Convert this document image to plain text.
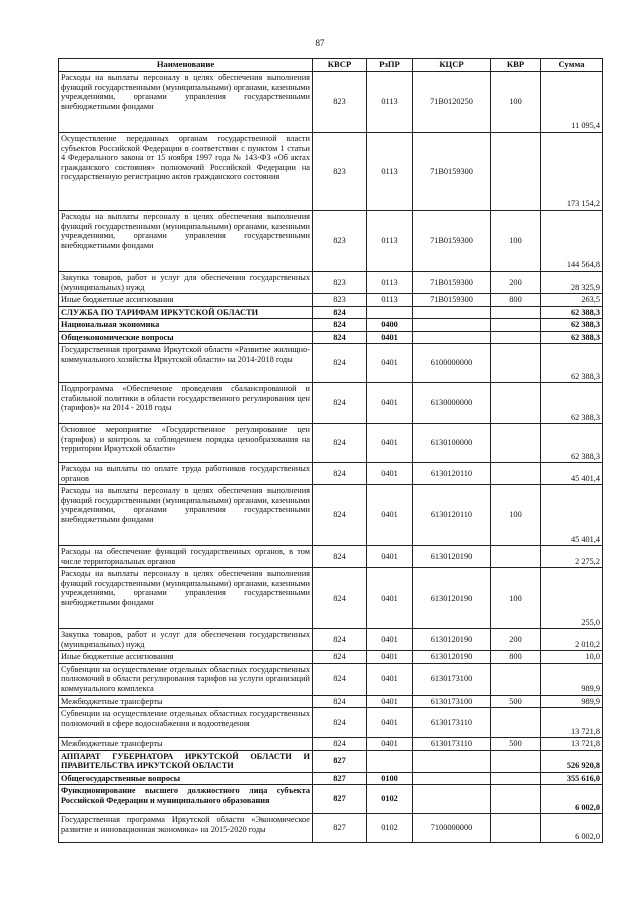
87
Наименование	КВСР	РзПР	КЦСР	КВР	Сумма
Расходы на выплаты персоналу в целях обеспечения выполнения функций государственными (муниципальными) органами, казенными учреждениями, органами управления государственными внебюджетными фондами	823	0113	71В0120250	100	11 095,4
Осуществление переданных органам государственной власти субъектов Российской Федерации в соответствии с пунктом 1 статьи 4 Федерального закона от 15 ноября 1997 года № 143-ФЗ «Об актах гражданского состояния» полномочий Российской Федерации на государственную регистрацию актов гражданского состояния	823	0113	71В0159300		173 154,2
Расходы на выплаты персоналу в целях обеспечения выполнения функций государственными (муниципальными) органами, казенными учреждениями, органами управления государственными внебюджетными фондами	823	0113	71В0159300	100	144 564,8
Закупка товаров, работ и услуг для обеспечения государственных (муниципальных) нужд	823	0113	71В0159300	200	28 325,9
Иные бюджетные ассигнования	823	0113	71В0159300	800	263,5
СЛУЖБА ПО ТАРИФАМ ИРКУТСКОЙ ОБЛАСТИ	824				62 388,3
Национальная экономика	824	0400			62 388,3
Общеэкономические вопросы	824	0401			62 388,3
Государственная программа Иркутской области «Развитие жилищно-коммунального хозяйства Иркутской области» на 2014-2018 годы	824	0401	6100000000		62 388,3
Подпрограмма «Обеспечение проведения сбалансированной и стабильной политики в области государственного регулирования цен (тарифов)» на 2014 - 2018 годы	824	0401	6130000000		62 388,3
Основное мероприятие «Государственное регулирование цен (тарифов) и контроль за соблюдением порядка ценообразования на территории Иркутской области»	824	0401	6130100000		62 388,3
Расходы на выплаты по оплате труда работников государственных органов	824	0401	6130120110		45 401,4
Расходы на выплаты персоналу в целях обеспечения выполнения функций государственными (муниципальными) органами, казенными учреждениями, органами управления государственными внебюджетными фондами	824	0401	6130120110	100	45 401,4
Расходы на обеспечение функций государственных органов, в том числе территориальных органов	824	0401	6130120190		2 275,2
Расходы на выплаты персоналу в целях обеспечения выполнения функций государственными (муниципальными) органами, казенными учреждениями, органами управления государственными внебюджетными фондами	824	0401	6130120190	100	255,0
Закупка товаров, работ и услуг для обеспечения государственных (муниципальных) нужд	824	0401	6130120190	200	2 010,2
Иные бюджетные ассигнования	824	0401	6130120190	800	10,0
Субвенции на осуществление отдельных областных государственных полномочий в области регулирования тарифов на услуги организаций коммунального комплекса	824	0401	6130173100		989,9
Межбюджетные трансферты	824	0401	6130173100	500	989,9
Субвенции на осуществление отдельных областных государственных полномочий в сфере водоснабжения и водоотведения	824	0401	6130173110		13 721,8
Межбюджетные трансферты	824	0401	6130173110	500	13 721,8
АППАРАТ ГУБЕРНАТОРА ИРКУТСКОЙ ОБЛАСТИ И ПРАВИТЕЛЬСТВА ИРКУТСКОЙ ОБЛАСТИ	827				526 920,8
Общегосударственные вопросы	827	0100			355 616,0
Функционирование высшего должностного лица субъекта Российской Федерации и муниципального образования	827	0102			6 002,0
Государственная программа Иркутской области «Экономическое развитие и инновационная экономика» на 2015-2020 годы	827	0102	7100000000		6 002,0
